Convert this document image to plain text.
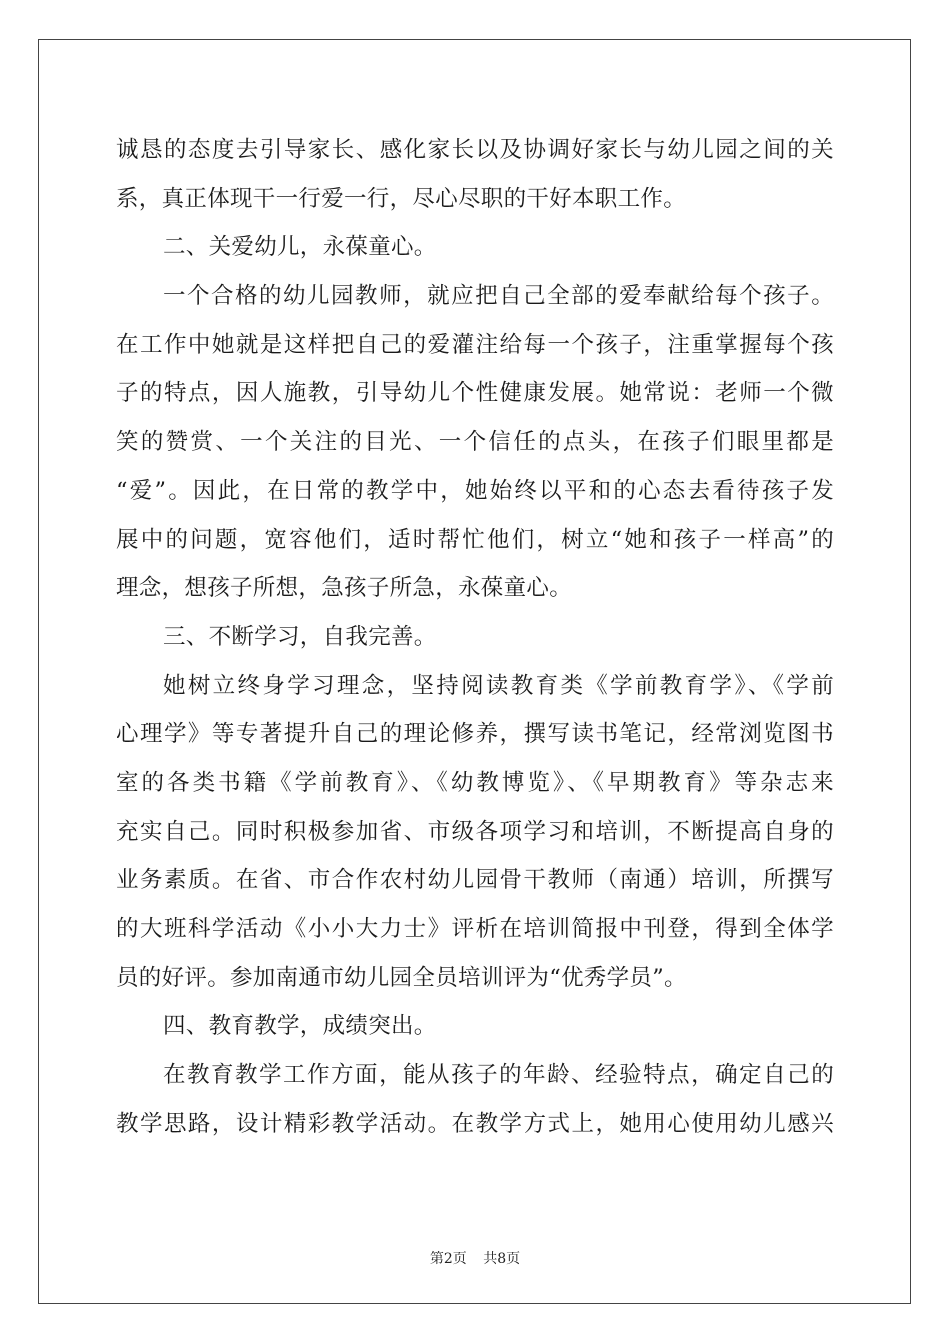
诚恳的态度去引导家长、感化家长以及协调好家长与幼儿园之间的关
系，真正体现干一行爱一行，尽心尽职的干好本职工作。
二、关爱幼儿，永葆童心。
一个合格的幼儿园教师，就应把自己全部的爱奉献给每个孩子。
在工作中她就是这样把自己的爱灌注给每一个孩子，注重掌握每个孩
子的特点，因人施教，引导幼儿个性健康发展。她常说：老师一个微
笑的赞赏、一个关注的目光、一个信任的点头，在孩子们眼里都是
“爱”。因此，在日常的教学中，她始终以平和的心态去看待孩子发
展中的问题，宽容他们，适时帮忙他们，树立“她和孩子一样高”的
理念，想孩子所想，急孩子所急，永葆童心。
三、不断学习，自我完善。
她树立终身学习理念，坚持阅读教育类《学前教育学》、《学前
心理学》等专著提升自己的理论修养，撰写读书笔记，经常浏览图书
室的各类书籍《学前教育》、《幼教博览》、《早期教育》等杂志来
充实自己。同时积极参加省、市级各项学习和培训，不断提高自身的
业务素质。在省、市合作农村幼儿园骨干教师（南通）培训，所撰写
的大班科学活动《小小大力士》评析在培训简报中刊登，得到全体学
员的好评。参加南通市幼儿园全员培训评为“优秀学员”。
四、教育教学，成绩突出。
在教育教学工作方面，能从孩子的年龄、经验特点，确定自己的
教学思路，设计精彩教学活动。在教学方式上，她用心使用幼儿感兴
第2页 共8页
